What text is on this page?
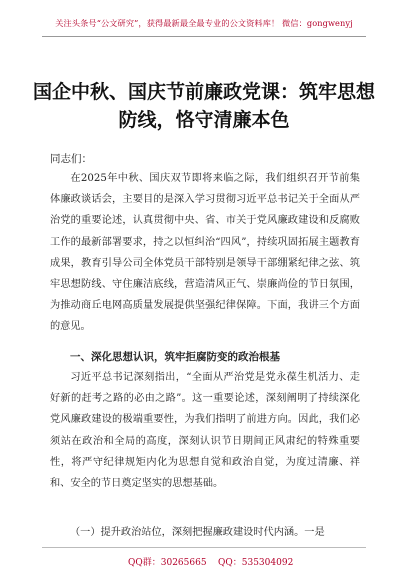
关注头条号“公文研究”，获得最新最全最专业的公文资料库！ 微信：gongwenyj
国企中秋、国庆节前廉政党课：筑牢思想
防线，恪守清廉本色
同志们：
在2025年中秋、国庆双节即将来临之际，我们组织召开节前集体廉政谈话会，主要目的是深入学习贯彻习近平总书记关于全面从严治党的重要论述，认真贯彻中央、省、市关于党风廉政建设和反腐败工作的最新部署要求，持之以恒纠治“四风”，持续巩固拓展主题教育成果，教育引导公司全体党员干部特别是领导干部绷紧纪律之弦、筑牢思想防线、守住廉洁底线，营造清风正气、崇廉尚俭的节日氛围，为推动商丘电网高质量发展提供坚强纪律保障。下面，我讲三个方面的意见。
一、深化思想认识，筑牢拒腐防变的政治根基
习近平总书记深刻指出，“全面从严治党是党永葆生机活力、走好新的赶考之路的必由之路”。这一重要论述，深刻阐明了持续深化党风廉政建设的极端重要性，为我们指明了前进方向。因此，我们必须站在政治和全局的高度，深刻认识节日期间正风肃纪的特殊重要性，将严守纪律规矩内化为思想自觉和政治自觉，为度过清廉、祥和、安全的节日奠定坚实的思想基础。
（一）提升政治站位，深刻把握廉政建设时代内涵。一是
QQ群：30265665 QQ：535304092
